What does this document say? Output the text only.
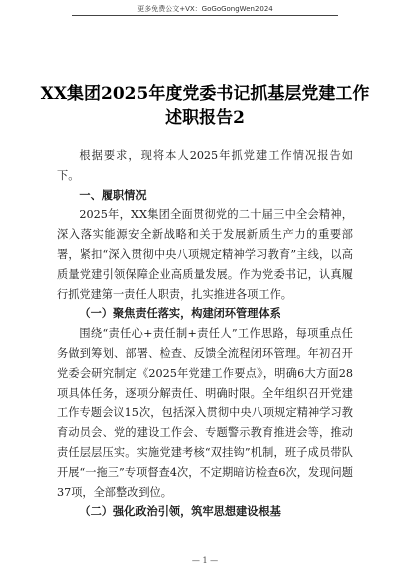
更多免费公文+VX：GoGoGongWen2024
XX集团2025年度党委书记抓基层党建工作述职报告2

根据要求，现将本人2025年抓党建工作情况报告如下。

一、履职情况

2025年，XX集团全面贯彻党的二十届三中全会精神，深入落实能源安全新战略和关于发展新质生产力的重要部署，紧扣“深入贯彻中央八项规定精神学习教育”主线，以高质量党建引领保障企业高质量发展。作为党委书记，认真履行抓党建第一责任人职责，扎实推进各项工作。

（一）聚焦责任落实，构建闭环管理体系

围绕“责任心+责任制+责任人”工作思路，每项重点任务做到筹划、部署、检查、反馈全流程闭环管理。年初召开党委会研究制定《2025年党建工作要点》，明确6大方面28项具体任务，逐项分解责任、明确时限。全年组织召开党建工作专题会议15次，包括深入贯彻中央八项规定精神学习教育动员会、党的建设工作会、专题警示教育推进会等，推动责任层层压实。实施党建考核“双挂钩”机制，班子成员带队开展“一拖三”专项督查4次，不定期暗访检查6次，发现问题37项，全部整改到位。

（二）强化政治引领，筑牢思想建设根基

— 1 —
